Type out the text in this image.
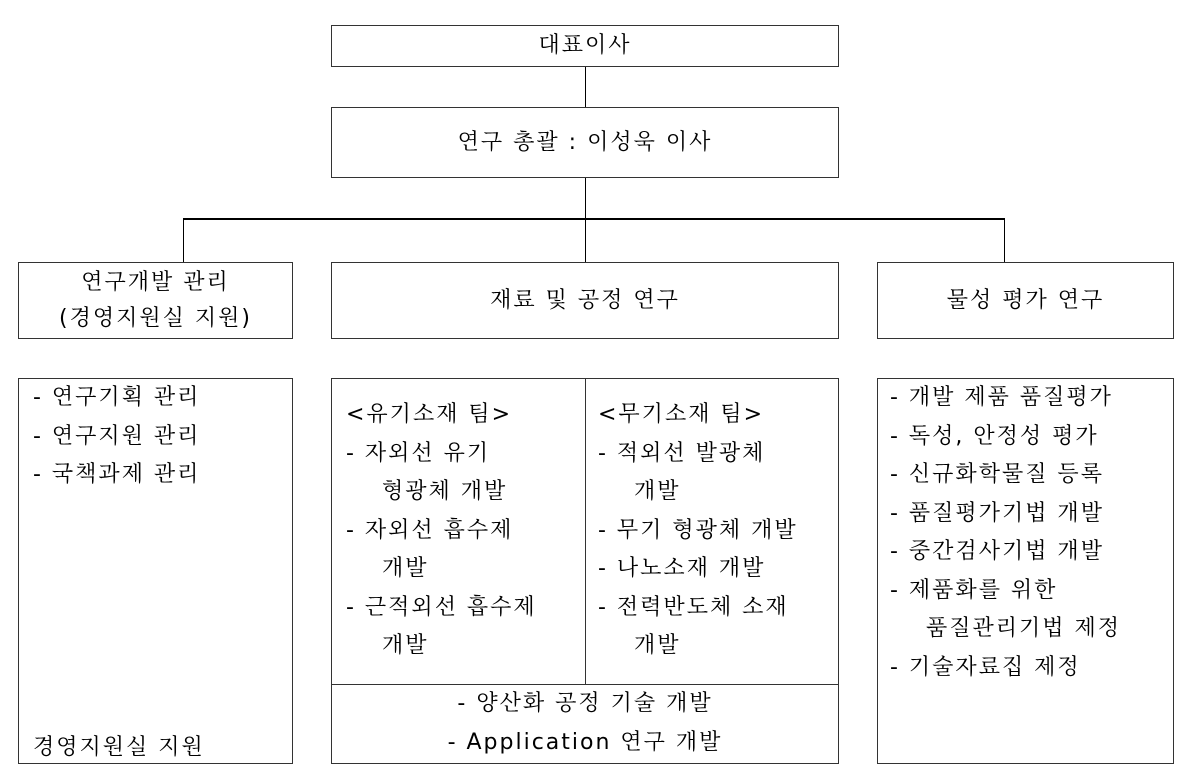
대표이사
연구 총괄 : 이성욱 이사
연구개발 관리
(경영지원실 지원)
재료 및 공정 연구	물성 평가 연구
- 연구기획 관리
- 연구지원 관리
- 국책과제 관리
경영지원실 지원
<유기소재 팀>
- 자외선 유기
형광체 개발
- 자외선 흡수제
개발
- 근적외선 흡수제
개발
<무기소재 팀>
- 적외선 발광체
개발
- 무기 형광체 개발
- 나노소재 개발
- 전력반도체 소재
개발
- 양산화 공정 기술 개발
- Application 연구 개발
- 개발 제품 품질평가
- 독성, 안정성 평가
- 신규화학물질 등록
- 품질평가기법 개발
- 중간검사기법 개발
- 제품화를 위한
품질관리기법 제정
- 기술자료집 제정
